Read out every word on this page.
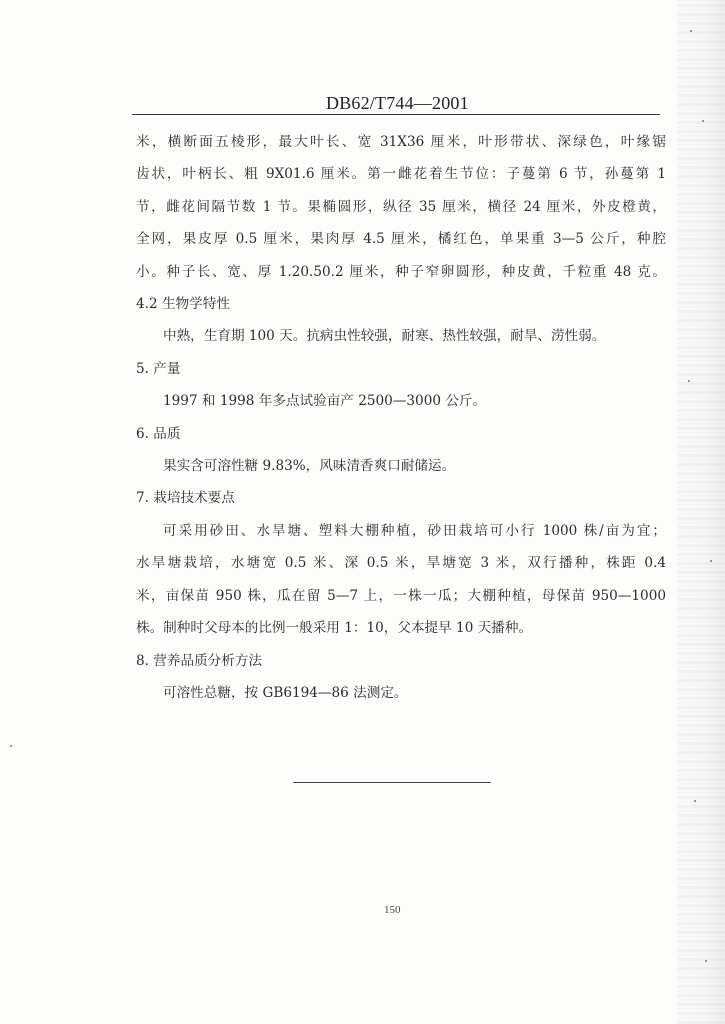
DB62/T744—2001
米，横断面五棱形，最大叶长、宽 31X36 厘米，叶形带状、深绿色，叶缘锯
齿状，叶柄长、粗 9X01.6 厘米。第一雌花着生节位：子蔓第 6 节，孙蔓第 1
节，雌花间隔节数 1 节。果椭圆形，纵径 35 厘米，横径 24 厘米，外皮橙黄，
全网，果皮厚 0.5 厘米，果肉厚 4.5 厘米，橘红色，单果重 3—5 公斤，种腔
小。种子长、宽、厚 1.20.50.2 厘米，种子窄卵圆形，种皮黄，千粒重 48 克。
4.2 生物学特性
中熟，生育期 100 天。抗病虫性较强，耐寒、热性较强，耐旱、涝性弱。
5. 产量
1997 和 1998 年多点试验亩产 2500—3000 公斤。
6. 品质
果实含可溶性糖 9.83%，风味清香爽口耐储运。
7. 栽培技术要点
可采用砂田、水旱塘、塑料大棚种植，砂田栽培可小行 1000 株/亩为宜；
水旱塘栽培，水塘宽 0.5 米、深 0.5 米，旱塘宽 3 米，双行播种，株距 0.4
米，亩保苗 950 株，瓜在留 5—7 上，一株一瓜；大棚种植，母保苗 950—1000
株。制种时父母本的比例一般采用 1：10，父本提早 10 天播种。
8. 营养品质分析方法
可溶性总糖，按 GB6194—86 法测定。
150
